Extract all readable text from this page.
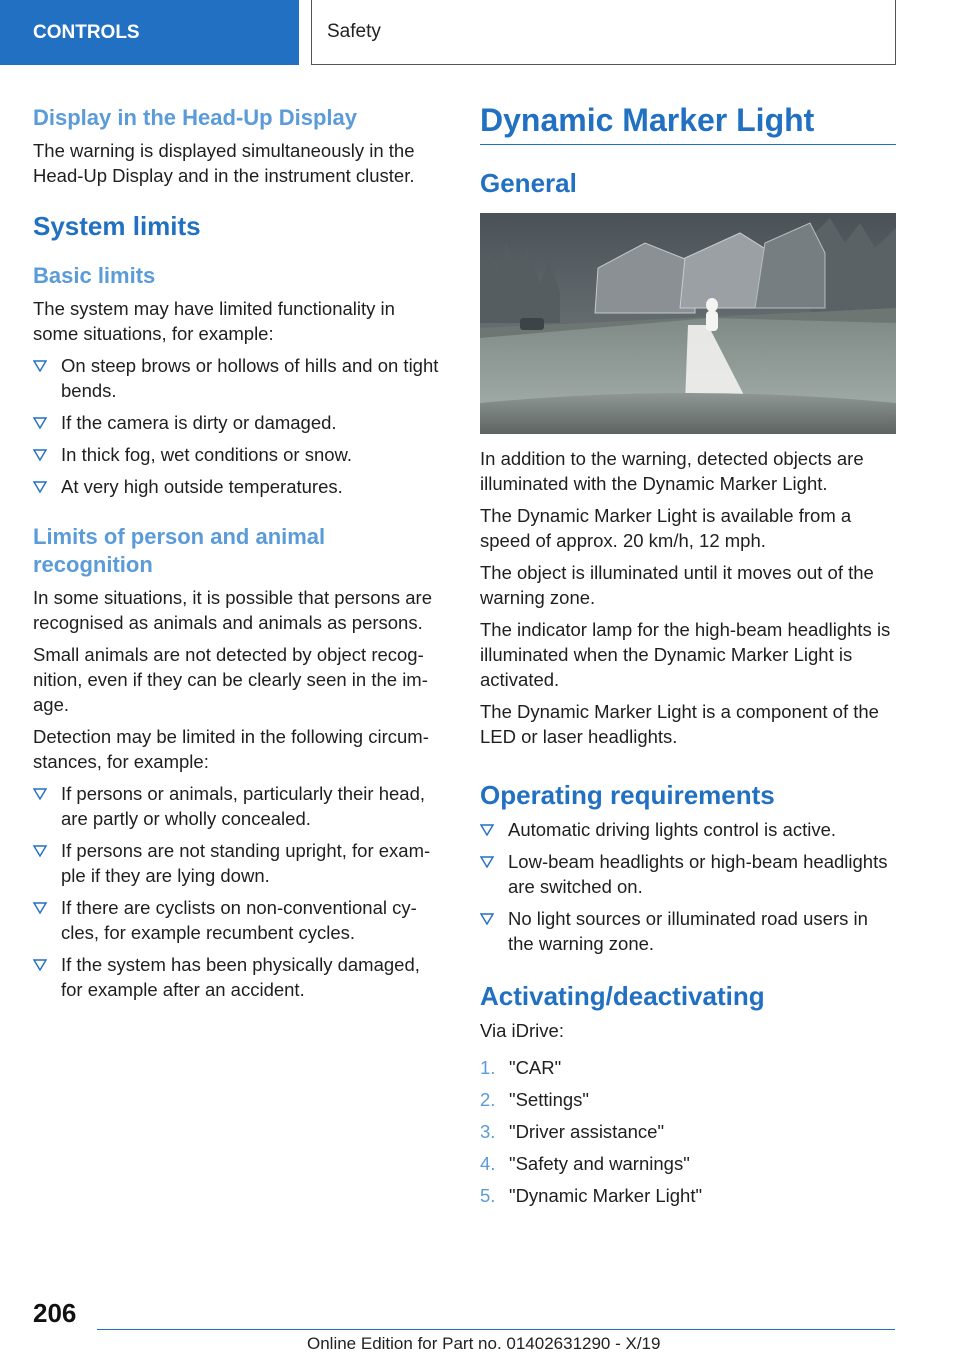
CONTROLS	Safety
Display in the Head-Up Display

The warning is displayed simultaneously in the Head-Up Display and in the instrument cluster.

System limits
Basic limits

The system may have limited functionality in some situations, for example:

On steep brows or hollows of hills and on tight bends.
If the camera is dirty or damaged.
In thick fog, wet conditions or snow.
At very high outside temperatures.
Limits of person and animal recognition

In some situations, it is possible that persons are recognised as animals and animals as persons.

Small animals are not detected by object recognition, even if they can be clearly seen in the image.

Detection may be limited in the following circumstances, for example:

If persons or animals, particularly their head, are partly or wholly concealed.
If persons are not standing upright, for example if they are lying down.
If there are cyclists on non-conventional cycles, for example recumbent cycles.
If the system has been physically damaged, for example after an accident.
Dynamic Marker Light
General

In addition to the warning, detected objects are illuminated with the Dynamic Marker Light.

The Dynamic Marker Light is available from a speed of approx. 20 km/h, 12 mph.

The object is illuminated until it moves out of the warning zone.

The indicator lamp for the high-beam headlights is illuminated when the Dynamic Marker Light is activated.

The Dynamic Marker Light is a component of the LED or laser headlights.

Operating requirements
Automatic driving lights control is active.
Low-beam headlights or high-beam headlights are switched on.
No light sources or illuminated road users in the warning zone.
Activating/deactivating

Via iDrive:

1. "CAR"
2. "Settings"
3. "Driver assistance"
4. "Safety and warnings"
5. "Dynamic Marker Light"
206
Online Edition for Part no. 01402631290 - X/19
